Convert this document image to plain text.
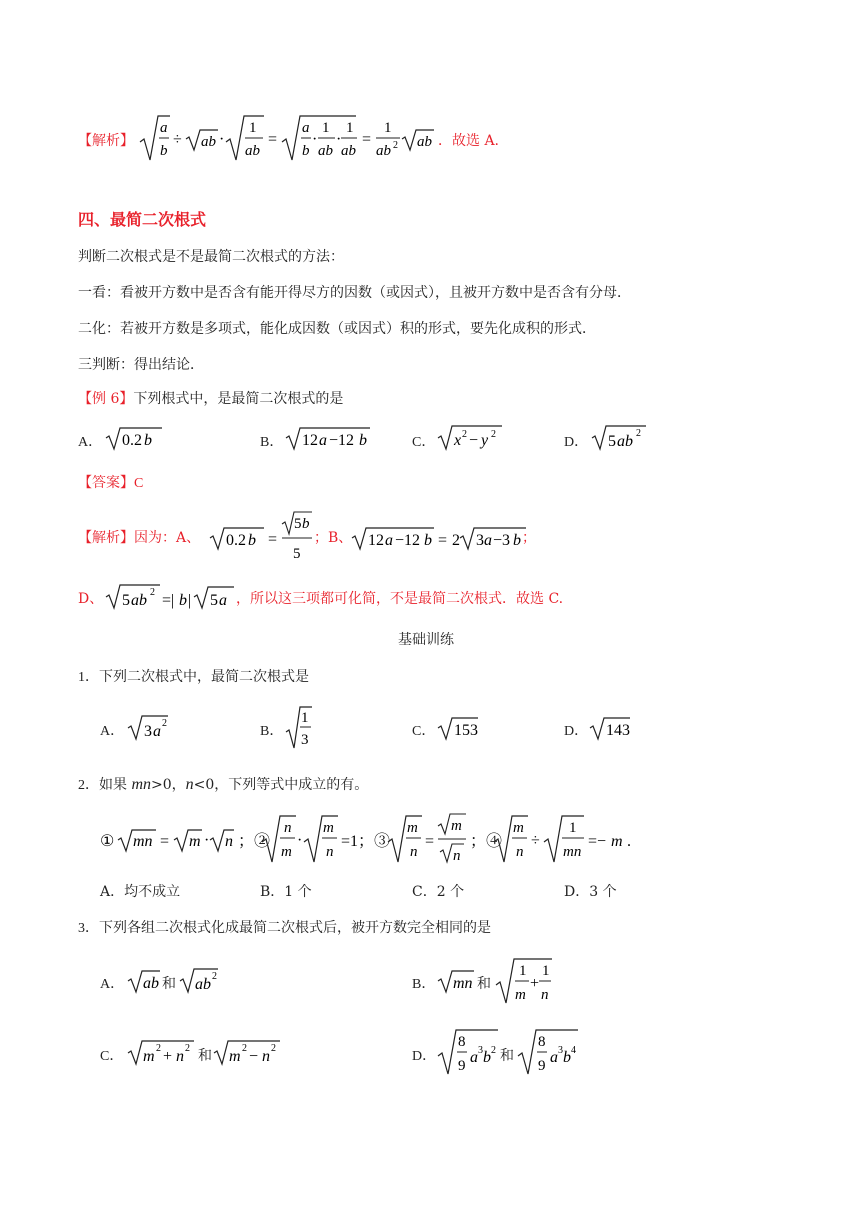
【解析】
a
b
÷ ab ·
1
ab
=
a
b
·
1
ab
·
1
ab
=
1
ab 2 ab ．故选 A.
四、最简二次根式
判断二次根式是不是最简二次根式的方法：
一看：看被开方数中是否含有能开得尽方的因数（或因式），且被开方数中是否含有分母．
二化：若被开方数是多项式，能化成因数（或因式）积的形式，要先化成积的形式．
三判断：得出结论．
【例 6】下列根式中，是最简二次根式的是
A． 0.2 b	B． 12 a −12 b	C． x 2 − y 2
D． 5 ab 2
【答案】C
【解析】因为：A、 0.2 b =
5 b
5
；B、 12 a −12 b = 2 3 a −3 b ；
D、 5 ab 2 =| b | 5 a ，所以这三项都可化简，不是最简二次根式．故选 C.
基础训练
1．下列二次根式中，最简二次根式是
A． 3 a 2
B．
1
3
C． 153	D． 143
2．如果 mn>0，n<0，下列等式中成立的有。
① mn = m · n ；②
n
m
·
m
n
=1；③
m
n
=
m
n
；④
m
n
÷
1
mn
=− m .
A．均不成立	B．1 个	C．2 个	D．3 个
3．下列各组二次根式化成最简二次根式后，被开方数完全相同的是
A． ab 和 ab 2
B． mn 和
1
m
+
1
n
C． m 2 + n 2 和 m 2 − n 2
D．
8
9 a 3 b 2 和
8
9 a 3 b 4
